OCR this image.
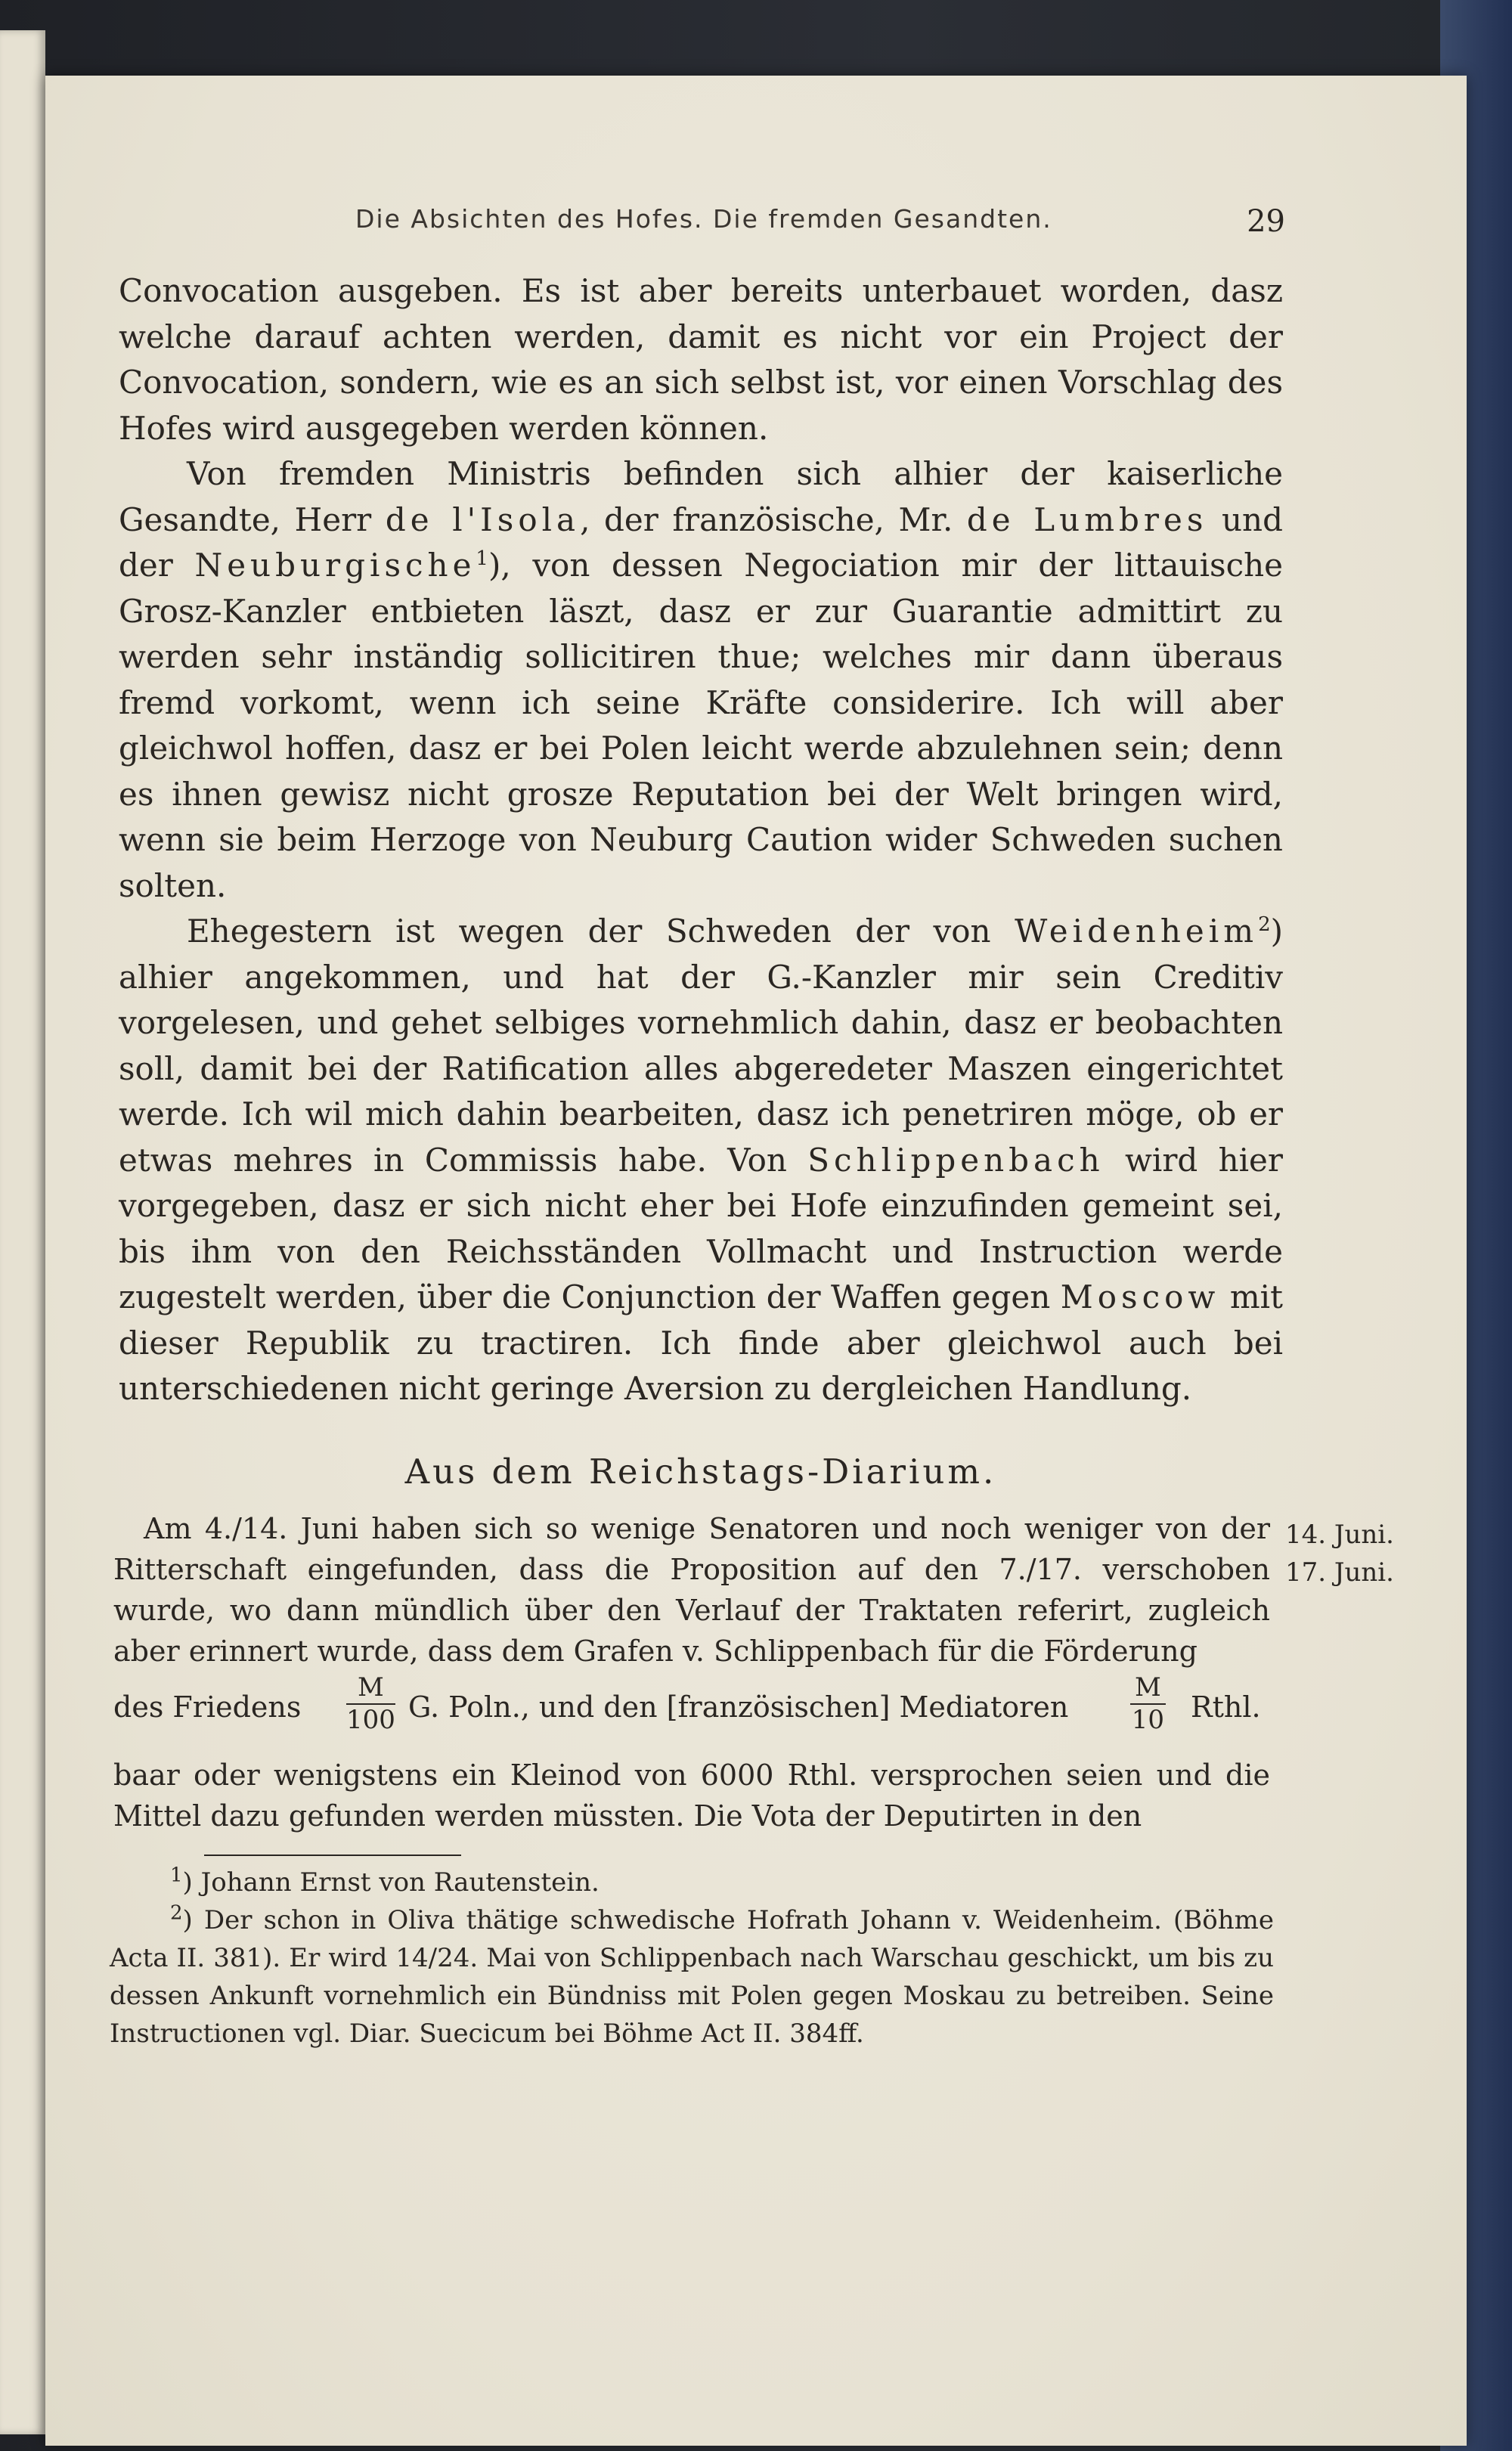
Die Absichten des Hofes. Die fremden Gesandten.	29

Convocation ausgeben. Es ist aber bereits unterbauet worden, dasz welche darauf achten werden, damit es nicht vor ein Project der Convocation, sondern, wie es an sich selbst ist, vor einen Vorschlag des Hofes wird ausgegeben werden können.

Von fremden Ministris befinden sich alhier der kaiserliche Gesandte, Herr de l'Isola, der französische, Mr. de Lumbres und der Neuburgische$^1$), von dessen Negociation mir der littauische Grosz-Kanzler entbieten läszt, dasz er zur Guarantie admittirt zu werden sehr inständig sollicitiren thue; welches mir dann überaus fremd vorkomt, wenn ich seine Kräfte considerire. Ich will aber gleichwol hoffen, dasz er bei Polen leicht werde abzulehnen sein; denn es ihnen gewisz nicht grosze Reputation bei der Welt bringen wird, wenn sie beim Herzoge von Neuburg Caution wider Schweden suchen solten.

Ehegestern ist wegen der Schweden der von Weidenheim$^2$) alhier angekommen, und hat der G.-Kanzler mir sein Creditiv vorgelesen, und gehet selbiges vornehmlich dahin, dasz er beobachten soll, damit bei der Ratification alles abgeredeter Maszen eingerichtet werde. Ich wil mich dahin bearbeiten, dasz ich penetriren möge, ob er etwas mehres in Commissis habe. Von Schlippenbach wird hier vorgegeben, dasz er sich nicht eher bei Hofe einzufinden gemeint sei, bis ihm von den Reichsständen Vollmacht und Instruction werde zugestelt werden, über die Conjunction der Waffen gegen Moscow mit dieser Republik zu tractiren. Ich finde aber gleichwol auch bei unterschiedenen nicht geringe Aversion zu dergleichen Handlung.

Aus dem Reichstags-Diarium.

Am 4./14. Juni haben sich so wenige Senatoren und noch weniger von der Ritterschaft eingefunden, dass die Proposition auf den 7./17. verschoben wurde, wo dann mündlich über den Verlauf der Traktaten referirt, zugleich aber erinnert wurde, dass dem Grafen v. Schlippenbach für die Förderung

des Friedens $\frac{M}{100} G$. Poln., und den [französischen] Mediatoren $\frac{M}{10}$ Rthl.

baar oder wenigstens ein Kleinod von 6000 Rthl. versprochen seien und die Mittel dazu gefunden werden müssten. Die Vota der Deputirten in den

14. Juni.
17. Juni.

$^1$) Johann Ernst von Rautenstein.

$^2$) Der schon in Oliva thätige schwedische Hofrath Johann v. Weidenheim. (Böhme Acta II. 381). Er wird 14/24. Mai von Schlippenbach nach Warschau geschickt, um bis zu dessen Ankunft vornehmlich ein Bündniss mit Polen gegen Moskau zu betreiben. Seine Instructionen vgl. Diar. Suecicum bei Böhme Act II. 384ff.
